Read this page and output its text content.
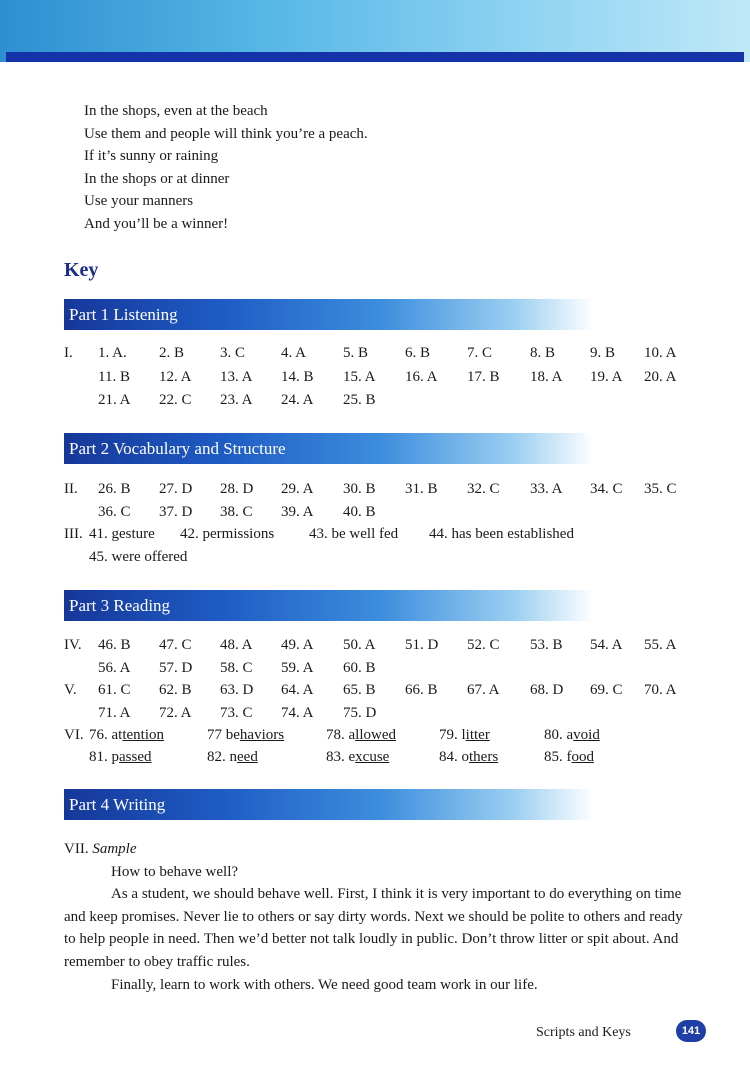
In the shops, even at the beach
Use them and people will think you’re a peach.
If it’s sunny or raining
In the shops or at dinner
Use your manners
And you’ll be a winner!
Key
Part 1 Listening
Part 2 Vocabulary and Structure
Part 3 Reading
Part 4 Writing
I. 1. A. 2. B 3. C 4. A 5. B 6. B 7. C	8. B 9. B 10. A
11. B 12. A 13. A 14. B 15. A 16. A 17. B 18. A 19. A 20. A
21. A 22. C 23. A 24. A 25. B
II. 26. B 27. D 28. D 29. A 30. B 31. B 32. C 33. A 34. C 35. C
36. C 37. D 38. C 39. A 40. B
III. 41. gesture 42. permissions 43. be well fed 44. has been established
45. were offered
IV. 46. B 47. C 48. A 49. A 50. A 51. D 52. C 53. B 54. A 55. A
56. A 57. D 58. C 59. A 60. B
V. 61. C 62. B 63. D 64. A 65. B 66. B 67. A 68. D 69. C 70. A
71. A 72. A 73. C 74. A 75. D
VI. 76. attention	77 behaviors	78. allowed	79. litter	80. avoid
81. passed	82. need	83. excuse	84. others	85. food
VII. Sample

How to behave well?

As a student, we should behave well. First, I think it is very important to do everything on time and keep promises. Never lie to others or say dirty words. Next we should be polite to others and ready to help people in need. Then we’d better not talk loudly in public. Don’t throw litter or spit about. And remember to obey traffic rules.

Finally, learn to work with others. We need good team work in our life.

Scripts and Keys	141
